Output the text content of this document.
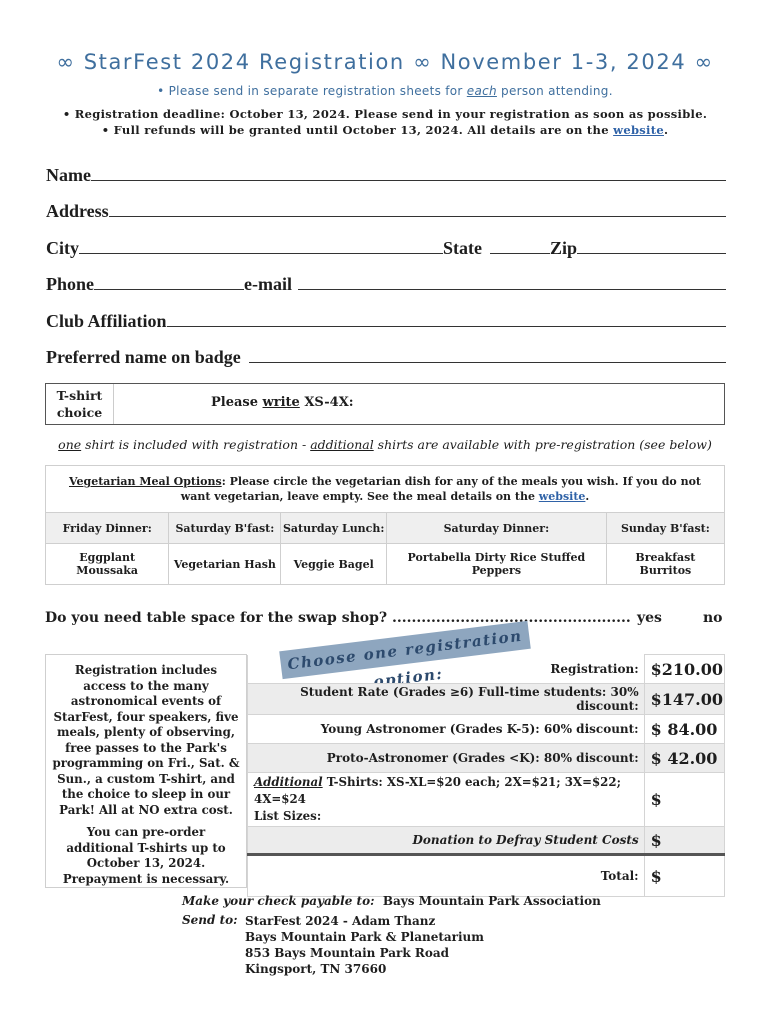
∞ StarFest 2024 Registration ∞ November 1-3, 2024 ∞
• Please send in separate registration sheets for each person attending.
• Registration deadline: October 13, 2024. Please send in your registration as soon as possible.
• Full refunds will be granted until October 13, 2024. All details are on the website.
Name
Address
City	State	Zip
Phone	e-mail
Club Affiliation
Preferred name on badge
T-shirt
choice
Please write XS-4X:
one shirt is included with registration - additional shirts are available with pre-registration (see below)
Vegetarian Meal Options: Please circle the vegetarian dish for any of the meals you wish. If you do not want vegetarian, leave empty. See the meal details on the website.				
Friday Dinner:	Saturday B'fast:	Saturday Lunch:	Saturday Dinner:	Sunday B'fast:
Eggplant Moussaka	Vegetarian Hash	Veggie Bagel	Portabella Dirty Rice Stuffed Peppers	Breakfast Burritos
Do you need table space for the swap shop? ................................................. yes	no
Choose one registration option:

Registration includes access to the many astronomical events of StarFest, four speakers, five meals, plenty of observing, free passes to the Park's programming on Fri., Sat. & Sun., a custom T-shirt, and the choice to sleep in our Park! All at NO extra cost.

You can pre-order additional T-shirts up to October 13, 2024. Prepayment is necessary.

Registration:	$210.00
Student Rate (Grades ≥6) Full-time students: 30% discount:	$147.00
Young Astronomer (Grades K-5): 60% discount:	$ 84.00
Proto-Astronomer (Grades <K): 80% discount:	$ 42.00
Additional T-Shirts: XS-XL=$20 each; 2X=$21; 3X=$22; 4X=$24
List Sizes:	$
Donation to Defray Student Costs	$
Total:	$
Make your check payable to: Bays Mountain Park Association
Send to: StarFest 2024 - Adam Thanz
Bays Mountain Park & Planetarium
853 Bays Mountain Park Road
Kingsport, TN 37660
